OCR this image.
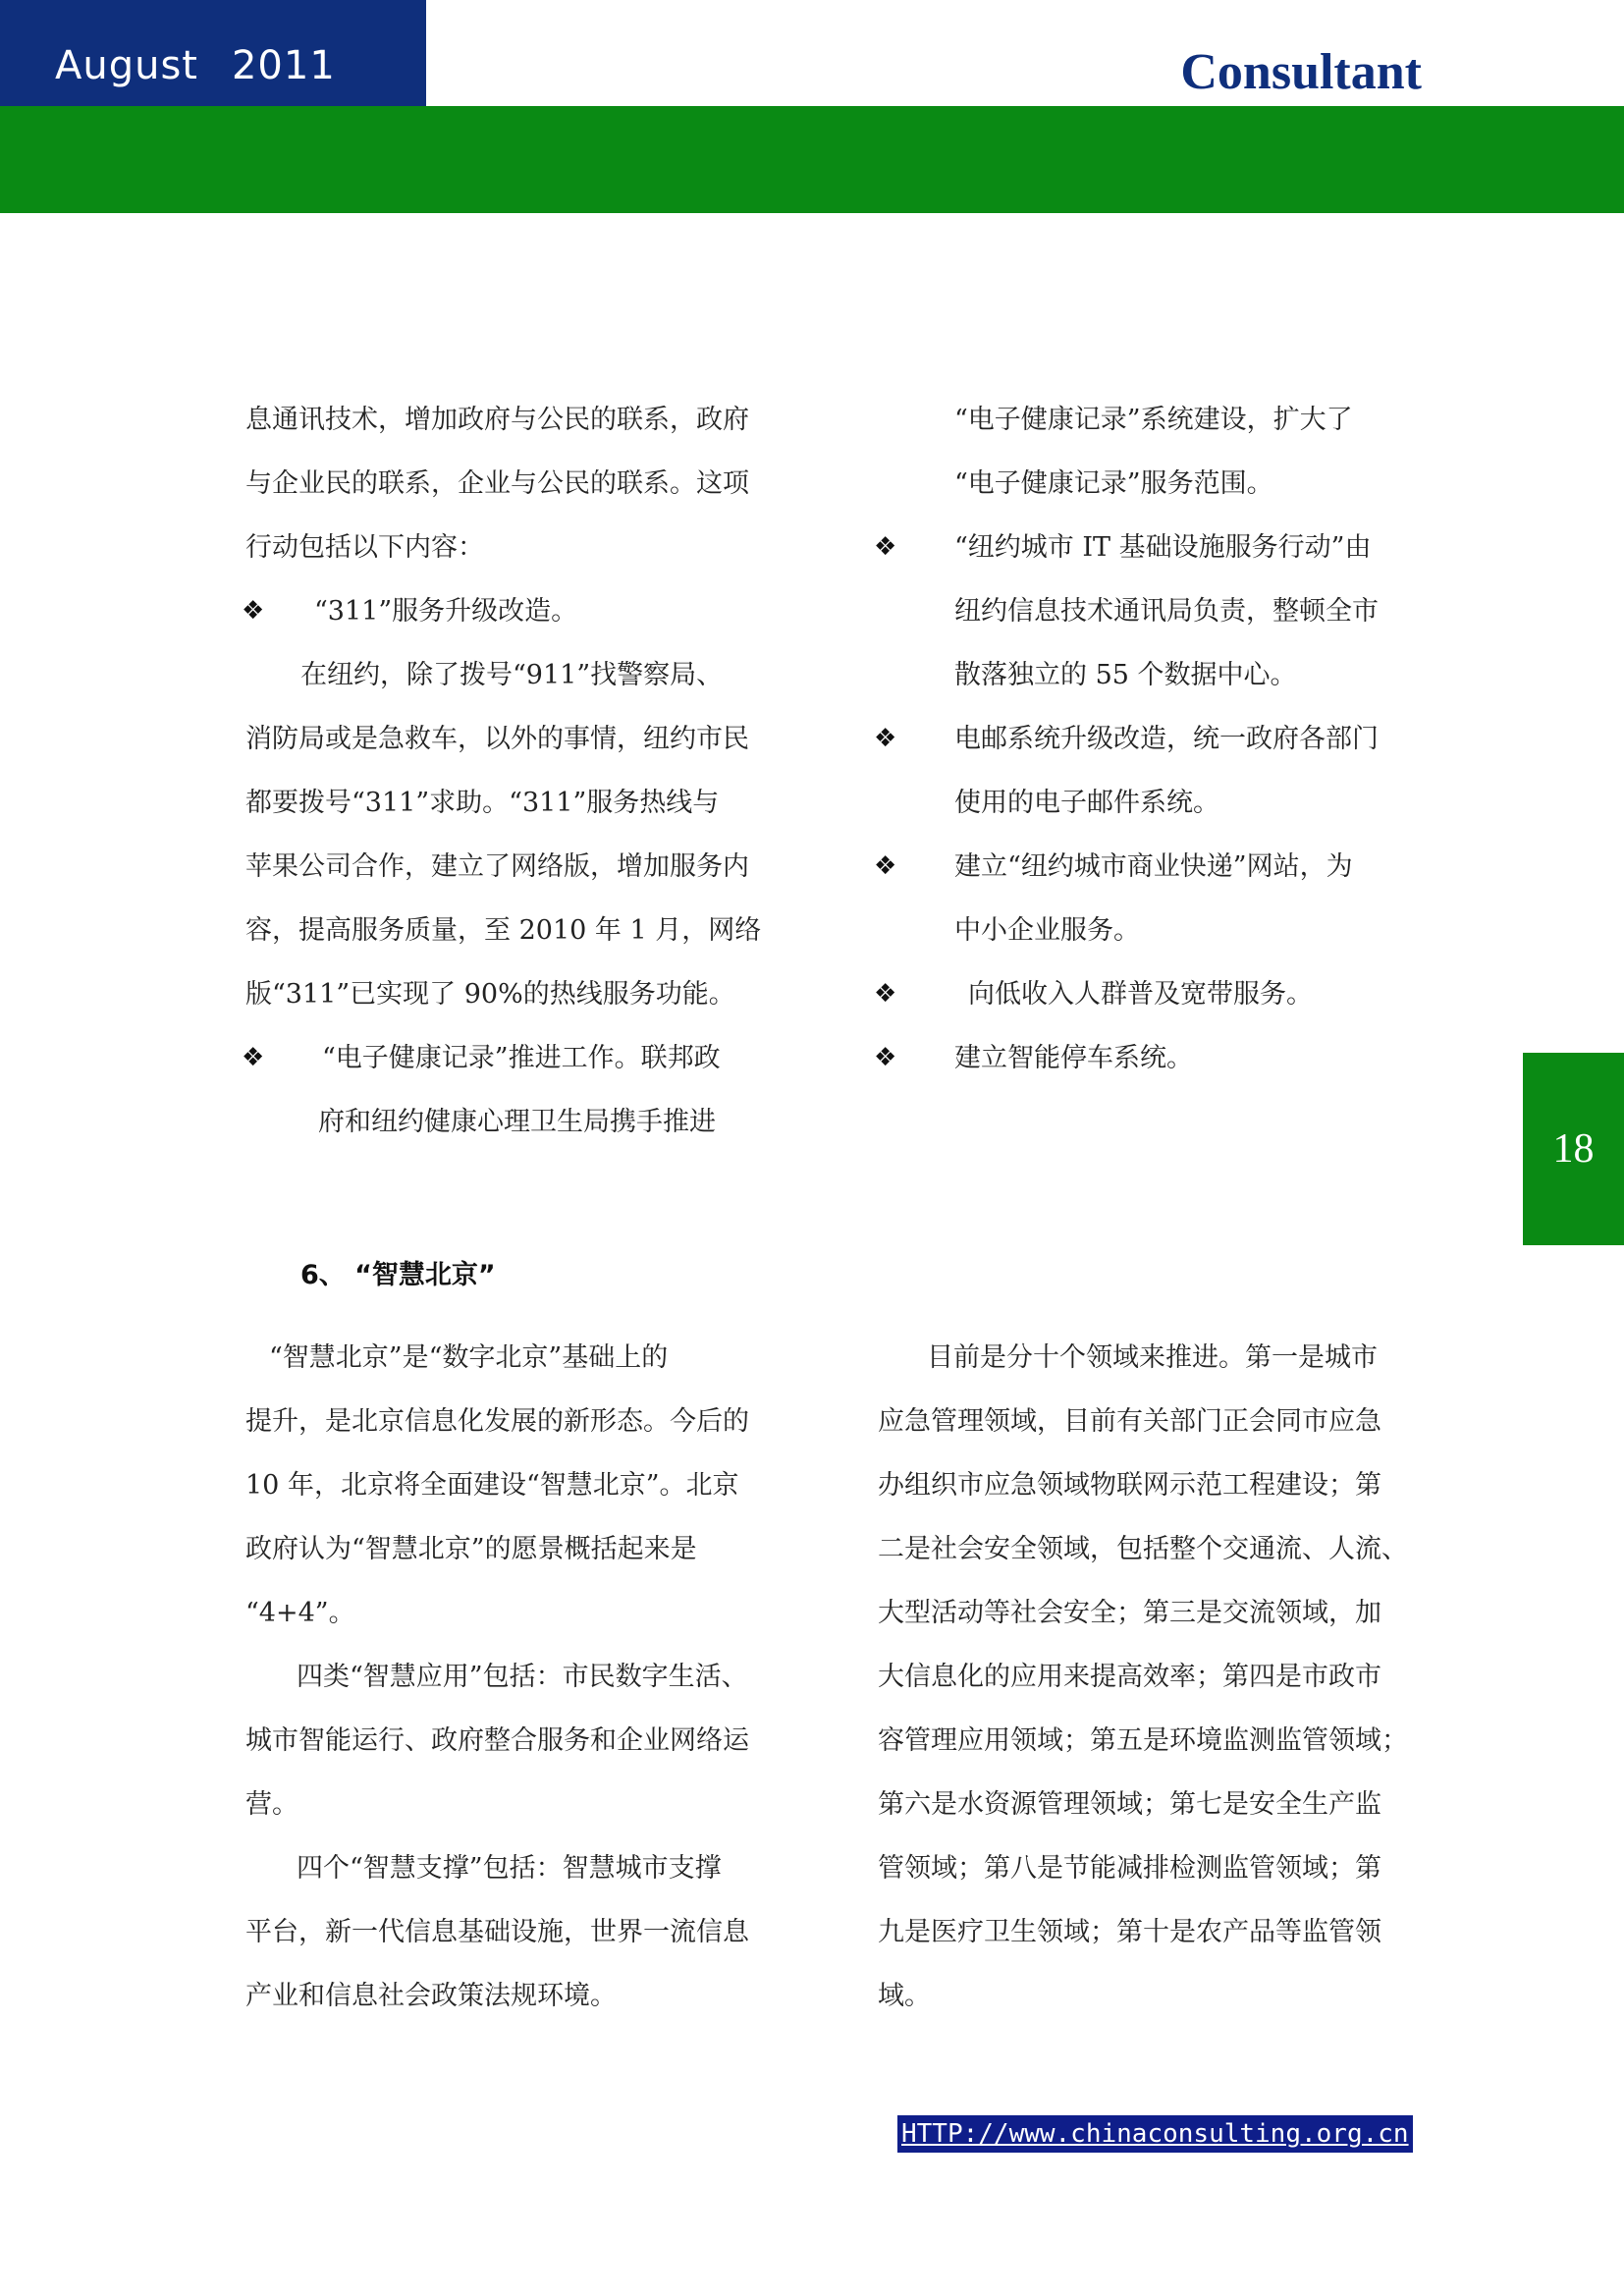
August 2011	Consultant
18

息通讯技术，增加政府与公民的联系，政府

与企业民的联系，企业与公民的联系。这项

行动包括以下内容：

❖ “311”服务升级改造。

在纽约，除了拨号“911”找警察局、

消防局或是急救车，以外的事情，纽约市民

都要拨号“311”求助。“311”服务热线与

苹果公司合作，建立了网络版，增加服务内

容，提高服务质量，至 2010 年 1 月，网络

版“311”已实现了 90%的热线服务功能。

❖ “电子健康记录”推进工作。联邦政

府和纽约健康心理卫生局携手推进

“电子健康记录”系统建设，扩大了

“电子健康记录”服务范围。

❖ “纽约城市 IT 基础设施服务行动”由

纽约信息技术通讯局负责，整顿全市

散落独立的 55 个数据中心。

❖ 电邮系统升级改造，统一政府各部门

使用的电子邮件系统。

❖ 建立“纽约城市商业快递”网站，为

中小企业服务。

❖	向低收入人群普及宽带服务。

❖ 建立智能停车系统。

6、 “智慧北京”

“智慧北京”是“数字北京”基础上的

提升，是北京信息化发展的新形态。今后的

10 年，北京将全面建设“智慧北京”。北京

政府认为“智慧北京”的愿景概括起来是

“4+4”。

四类“智慧应用”包括：市民数字生活、

城市智能运行、政府整合服务和企业网络运

营。

四个“智慧支撑”包括：智慧城市支撑

平台，新一代信息基础设施，世界一流信息

产业和信息社会政策法规环境。

目前是分十个领域来推进。第一是城市

应急管理领域，目前有关部门正会同市应急

办组织市应急领域物联网示范工程建设；第

二是社会安全领域，包括整个交通流、人流、

大型活动等社会安全；第三是交流领域，加

大信息化的应用来提高效率；第四是市政市

容管理应用领域；第五是环境监测监管领域；

第六是水资源管理领域；第七是安全生产监

管领域；第八是节能减排检测监管领域；第

九是医疗卫生领域；第十是农产品等监管领

域。

HTTP://www.chinaconsulting.org.cn
